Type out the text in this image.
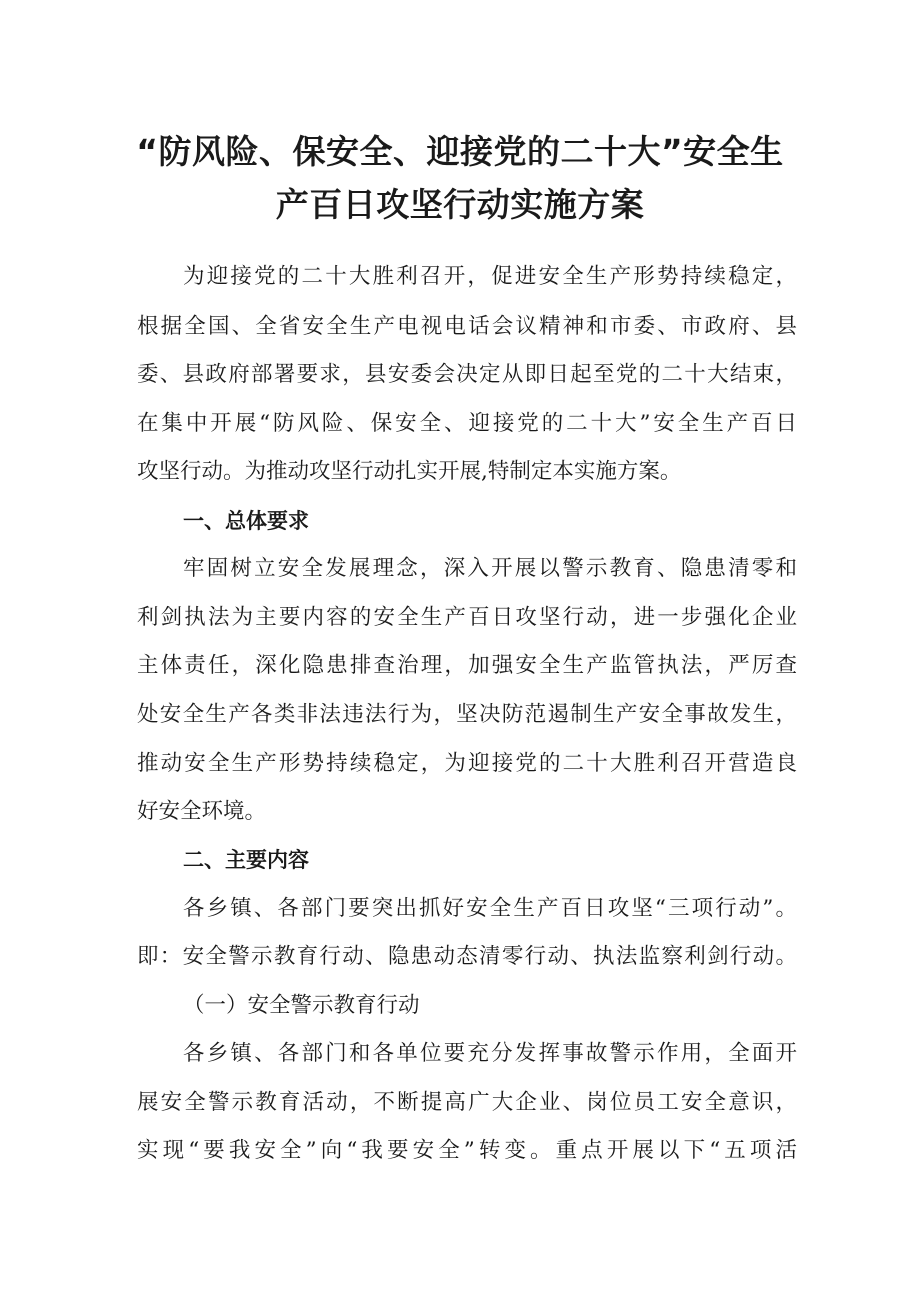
“防风险、保安全、迎接党的二十大”安全生
产百日攻坚行动实施方案
为迎接党的二十大胜利召开，促进安全生产形势持续稳定，
根据全国、全省安全生产电视电话会议精神和市委、市政府、县
委、县政府部署要求，县安委会决定从即日起至党的二十大结束，
在集中开展“防风险、保安全、迎接党的二十大”安全生产百日
攻坚行动。为推动攻坚行动扎实开展,特制定本实施方案。
一、总体要求
牢固树立安全发展理念，深入开展以警示教育、隐患清零和
利剑执法为主要内容的安全生产百日攻坚行动，进一步强化企业
主体责任，深化隐患排查治理，加强安全生产监管执法，严厉查
处安全生产各类非法违法行为，坚决防范遏制生产安全事故发生，
推动安全生产形势持续稳定，为迎接党的二十大胜利召开营造良
好安全环境。
二、主要内容
各乡镇、各部门要突出抓好安全生产百日攻坚“三项行动”。
即：安全警示教育行动、隐患动态清零行动、执法监察利剑行动。
（一）安全警示教育行动
各乡镇、各部门和各单位要充分发挥事故警示作用，全面开
展安全警示教育活动，不断提高广大企业、岗位员工安全意识，
实现“要我安全”向“我要安全”转变。重点开展以下“五项活
